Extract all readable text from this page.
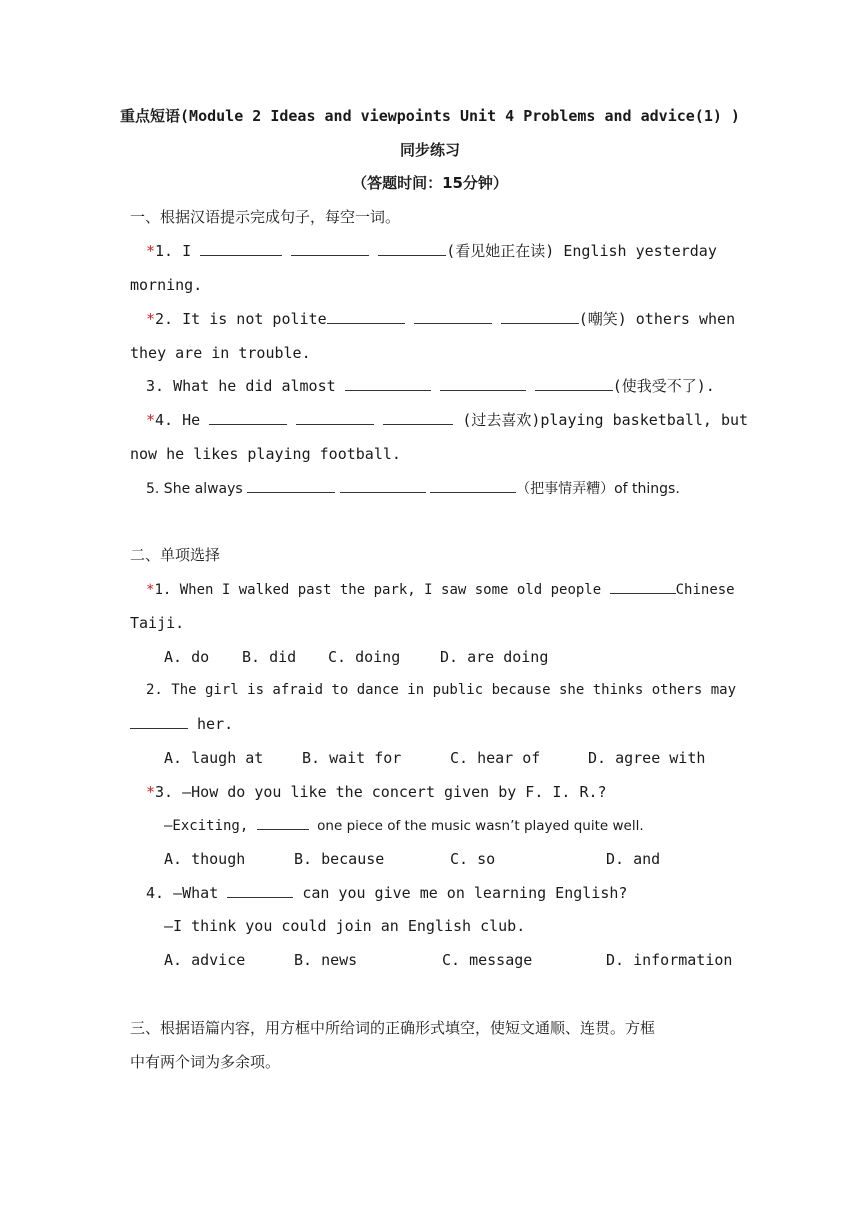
重点短语(Module 2 Ideas and viewpoints Unit 4 Problems and advice(1) )
同步练习
（答题时间：15分钟）
一、根据汉语提示完成句子，每空一词。
*1. I	(看见她正在读) English yesterday
morning.
*2. It is not polite	(嘲笑) others when
they are in trouble.
3. What he did almost	(使我受不了).
*4. He	(过去喜欢)playing basketball, but
now he likes playing football.
5. She always	（把事情弄糟）of things.
二、单项选择
*1. When I walked past the park, I saw some old people	Chinese
Taiji.
A. do B. did C. doing	D. are doing
2. The girl is afraid to dance in public because she thinks others may
her.
A. laugh at	B. wait for	C. hear of	D. agree with
*3. —How do you like the concert given by F. I. R.?
—Exciting,	one piece of the music wasn’t played quite well.
A. though	B. because	C. so	D. and
4. —What	can you give me on learning English?
—I think you could join an English club.
A. advice	B. news	C. message	D. information
三、根据语篇内容，用方框中所给词的正确形式填空，使短文通顺、连贯。方框
中有两个词为多余项。
